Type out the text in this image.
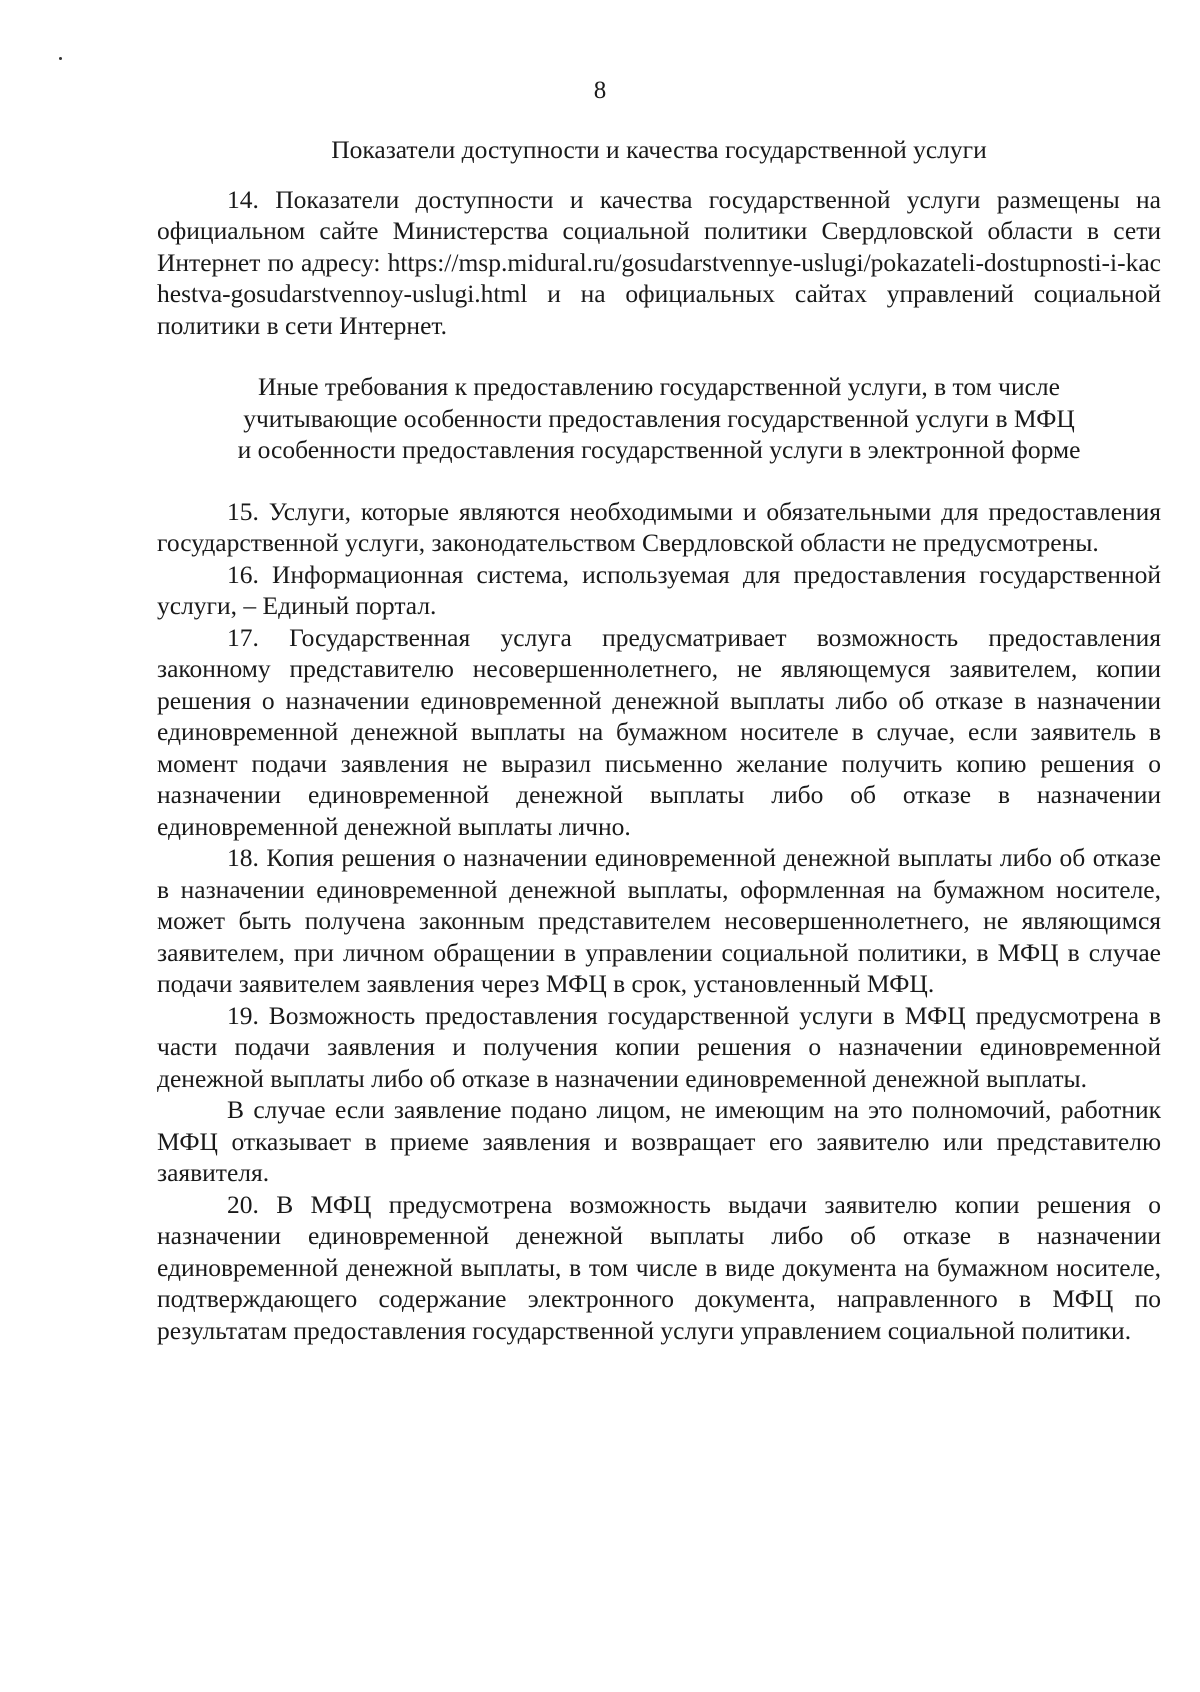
8

Показатели доступности и качества государственной услуги

14. Показатели доступности и качества государственной услуги размещены на официальном сайте Министерства социальной политики Свердловской области в сети Интернет по адресу: https://msp.midural.ru/gosudarstvennye-uslugi/pokazateli-dostupnosti-i-kachestva-gosudarstvennoy-uslugi.html и на официальных сайтах управлений социальной политики в сети Интернет.

Иные требования к предоставлению государственной услуги, в том числе
учитывающие особенности предоставления государственной услуги в МФЦ
и особенности предоставления государственной услуги в электронной форме

15. Услуги, которые являются необходимыми и обязательными для предоставления государственной услуги, законодательством Свердловской области не предусмотрены.

16. Информационная система, используемая для предоставления государственной услуги, – Единый портал.

17. Государственная услуга предусматривает возможность предоставления законному представителю несовершеннолетнего, не являющемуся заявителем, копии решения о назначении единовременной денежной выплаты либо об отказе в назначении единовременной денежной выплаты на бумажном носителе в случае, если заявитель в момент подачи заявления не выразил письменно желание получить копию решения о назначении единовременной денежной выплаты либо об отказе в назначении единовременной денежной выплаты лично.

18. Копия решения о назначении единовременной денежной выплаты либо об отказе в назначении единовременной денежной выплаты, оформленная на бумажном носителе, может быть получена законным представителем несовершеннолетнего, не являющимся заявителем, при личном обращении в управлении социальной политики, в МФЦ в случае подачи заявителем заявления через МФЦ в срок, установленный МФЦ.

19. Возможность предоставления государственной услуги в МФЦ предусмотрена в части подачи заявления и получения копии решения о назначении единовременной денежной выплаты либо об отказе в назначении единовременной денежной выплаты.

В случае если заявление подано лицом, не имеющим на это полномочий, работник МФЦ отказывает в приеме заявления и возвращает его заявителю или представителю заявителя.

20. В МФЦ предусмотрена возможность выдачи заявителю копии решения о назначении единовременной денежной выплаты либо об отказе в назначении единовременной денежной выплаты, в том числе в виде документа на бумажном носителе, подтверждающего содержание электронного документа, направленного в МФЦ по результатам предоставления государственной услуги управлением социальной политики.
